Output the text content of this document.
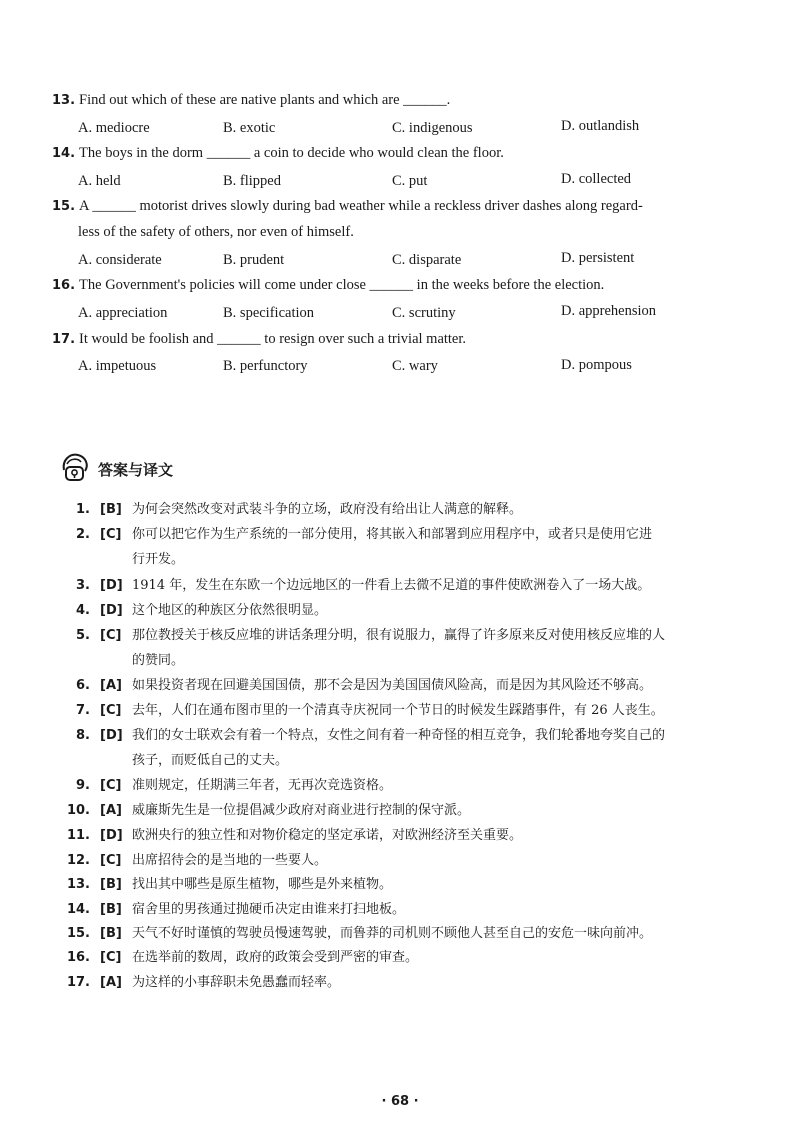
13. Find out which of these are native plants and which are ______.
A. mediocre	B. exotic	C. indigenous	D. outlandish
14. The boys in the dorm ______ a coin to decide who would clean the floor.
A. held	B. flipped	C. put	D. collected
15. A ______ motorist drives slowly during bad weather while a reckless driver dashes along regard-
less of the safety of others, nor even of himself.
A. considerate	B. prudent	C. disparate	D. persistent
16. The Government's policies will come under close ______ in the weeks before the election.
A. appreciation	B. specification	C. scrutiny	D. apprehension
17. It would be foolish and ______ to resign over such a trivial matter.
A. impetuous	B. perfunctory	C. wary	D. pompous
答案与译文
1. [B] 为何会突然改变对武装斗争的立场，政府没有给出让人满意的解释。
2. [C] 你可以把它作为生产系统的一部分使用，将其嵌入和部署到应用程序中，或者只是使用它进
行开发。
3. [D] 1914 年，发生在东欧一个边远地区的一件看上去微不足道的事件使欧洲卷入了一场大战。
4. [D] 这个地区的种族区分依然很明显。
5. [C] 那位教授关于核反应堆的讲话条理分明，很有说服力，赢得了许多原来反对使用核反应堆的人
的赞同。
6. [A] 如果投资者现在回避美国国债，那不会是因为美国国债风险高，而是因为其风险还不够高。
7. [C] 去年，人们在通布图市里的一个清真寺庆祝同一个节日的时候发生踩踏事件，有 26 人丧生。
8. [D] 我们的女士联欢会有着一个特点，女性之间有着一种奇怪的相互竞争，我们轮番地夸奖自己的
孩子，而贬低自己的丈夫。
9. [C] 准则规定，任期满三年者，无再次竞选资格。
10. [A] 威廉斯先生是一位提倡减少政府对商业进行控制的保守派。
11. [D] 欧洲央行的独立性和对物价稳定的坚定承诺，对欧洲经济至关重要。
12. [C] 出席招待会的是当地的一些要人。
13. [B] 找出其中哪些是原生植物，哪些是外来植物。
14. [B] 宿舍里的男孩通过抛硬币决定由谁来打扫地板。
15. [B] 天气不好时谨慎的驾驶员慢速驾驶，而鲁莽的司机则不顾他人甚至自己的安危一味向前冲。
16. [C] 在选举前的数周，政府的政策会受到严密的审查。
17. [A] 为这样的小事辞职未免愚蠢而轻率。
· 68 ·
